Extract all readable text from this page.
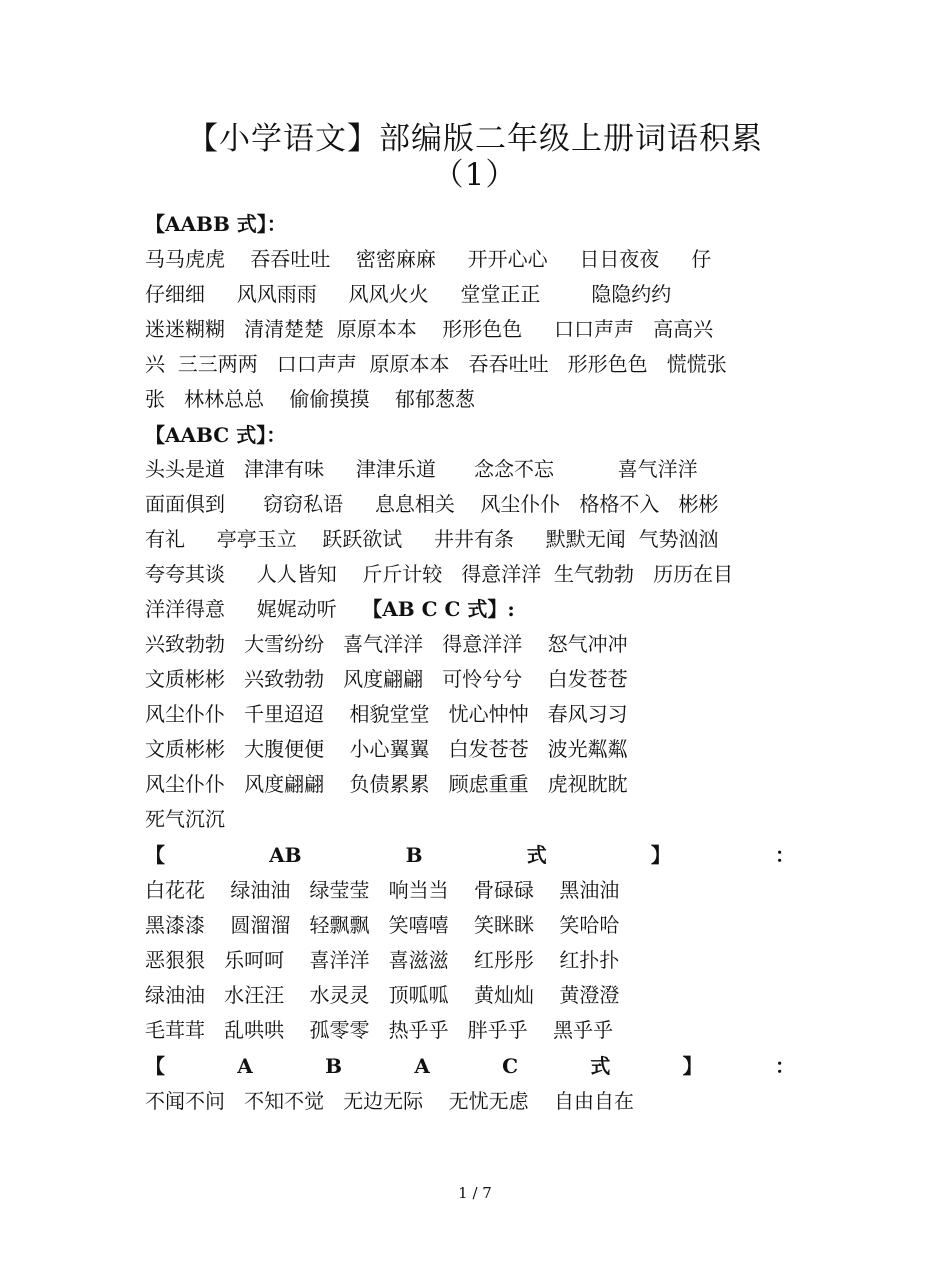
【小学语文】部编版二年级上册词语积累
（1）
【AABB 式】：
马马虎虎    吞吞吐吐    密密麻麻     开开心心     日日夜夜     仔
仔细细     风风雨雨     风风火火     堂堂正正        隐隐约约
迷迷糊糊   清清楚楚  原原本本    形形色色     口口声声   高高兴
兴  三三两两   口口声声  原原本本   吞吞吐吐   形形色色   慌慌张
张   林林总总    偷偷摸摸    郁郁葱葱
【AABC 式】：
头头是道   津津有味     津津乐道      念念不忘          喜气洋洋
面面俱到      窃窃私语     息息相关    风尘仆仆   格格不入   彬彬
有礼     亭亭玉立    跃跃欲试     井井有条     默默无闻  气势汹汹
夸夸其谈     人人皆知    斤斤计较   得意洋洋  生气勃勃   历历在目
洋洋得意     娓娓动听    【AB C C 式】:
兴致勃勃   大雪纷纷   喜气洋洋   得意洋洋    怒气冲冲
文质彬彬   兴致勃勃   风度翩翩   可怜兮兮    白发苍苍
风尘仆仆   千里迢迢    相貌堂堂   忧心忡忡   春风习习
文质彬彬   大腹便便    小心翼翼   白发苍苍   波光粼粼
风尘仆仆   风度翩翩    负债累累   顾虑重重   虎视眈眈
死气沉沉
【	AB	B	式	】	：
白花花    绿油油   绿莹莹   响当当    骨碌碌    黑油油
黑漆漆    圆溜溜   轻飘飘   笑嘻嘻    笑眯眯    笑哈哈
恶狠狠   乐呵呵    喜洋洋   喜滋滋    红彤彤    红扑扑
绿油油   水汪汪    水灵灵   顶呱呱    黄灿灿    黄澄澄
毛茸茸   乱哄哄    孤零零   热乎乎   胖乎乎    黑乎乎
【	A	B	A	C	式	】	：
不闻不问   不知不觉   无边无际    无忧无虑    自由自在
1 / 7
